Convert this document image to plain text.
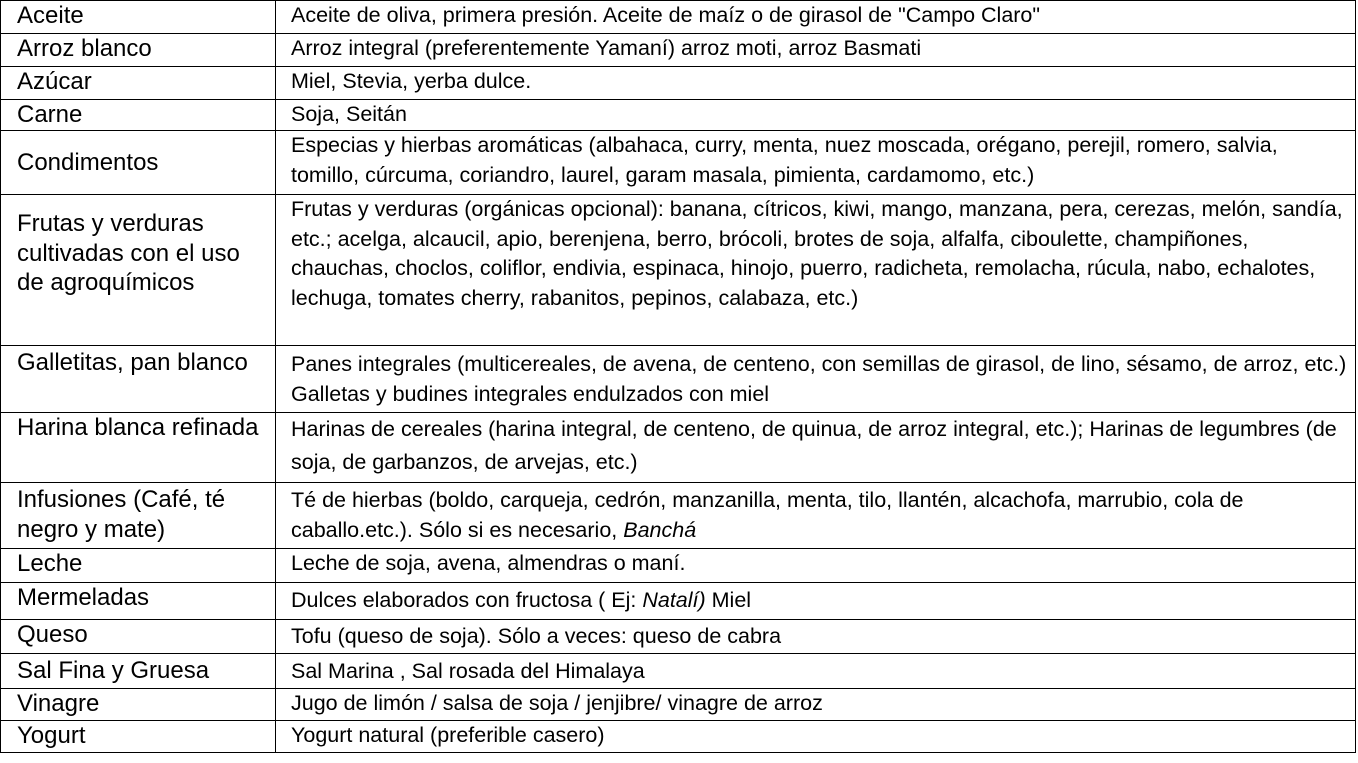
Aceite	Aceite de oliva, primera presión. Aceite de maíz o de girasol de "Campo Claro"

Arroz blanco	Arroz integral (preferentemente Yamaní) arroz moti, arroz Basmati

Azúcar	Miel, Stevia, yerba dulce.

Carne	Soja, Seitán

Condimentos	Especias y hierbas aromáticas (albahaca, curry, menta, nuez moscada, orégano, perejil, romero, salvia, tomillo, cúrcuma, coriandro, laurel, garam masala, pimienta, cardamomo, etc.)

Frutas y verduras cultivadas con el uso de agroquímicos	Frutas y verduras (orgánicas opcional): banana, cítricos, kiwi, mango, manzana, pera, cerezas, melón, sandía, etc.; acelga, alcaucil, apio, berenjena, berro, brócoli, brotes de soja, alfalfa, ciboulette, champiñones, chauchas, choclos, coliflor, endivia, espinaca, hinojo, puerro, radicheta, remolacha, rúcula, nabo, echalotes, lechuga, tomates cherry, rabanitos, pepinos, calabaza, etc.)

Galletitas, pan blanco	Panes integrales (multicereales, de avena, de centeno, con semillas de girasol, de lino, sésamo, de arroz, etc.) Galletas y budines integrales endulzados con miel

Harina blanca refinada	Harinas de cereales (harina integral, de centeno, de quinua, de arroz integral, etc.); Harinas de legumbres (de soja, de garbanzos, de arvejas, etc.)

Infusiones (Café, té negro y mate)	Té de hierbas (boldo, carqueja, cedrón, manzanilla, menta, tilo, llantén, alcachofa, marrubio, cola de caballo.etc.). Sólo si es necesario, Banchá

Leche	Leche de soja, avena, almendras o maní.

Mermeladas	Dulces elaborados con fructosa ( Ej: Natalí) Miel

Queso	Tofu (queso de soja). Sólo a veces: queso de cabra

Sal Fina y Gruesa	Sal Marina , Sal rosada del Himalaya

Vinagre	Jugo de limón / salsa de soja / jenjibre/ vinagre de arroz

Yogurt	Yogurt natural (preferible casero)
